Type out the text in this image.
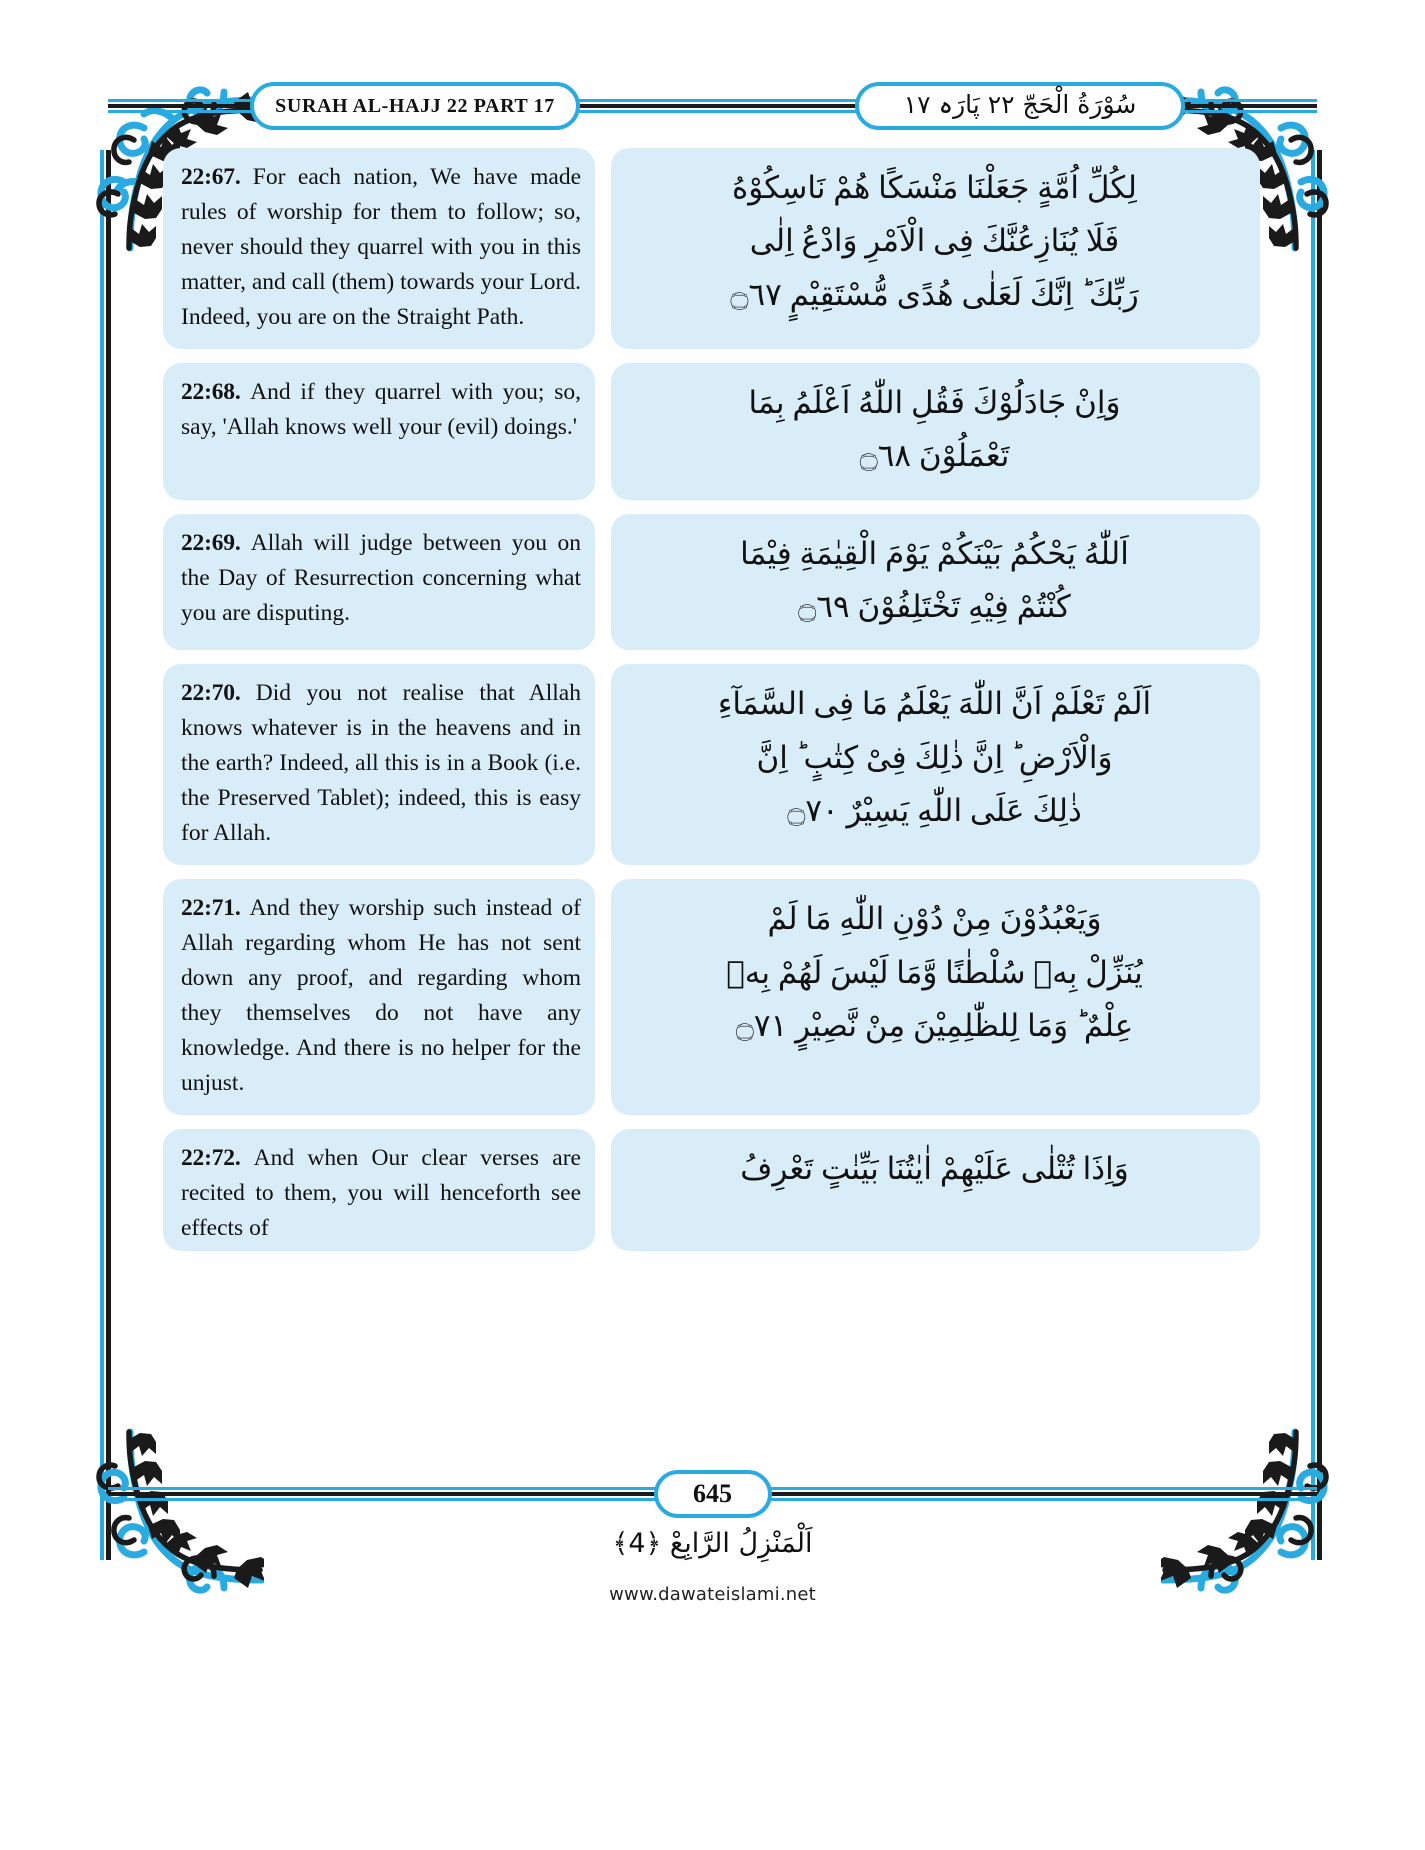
SURAH AL-HAJJ 22 PART 17	سُوْرَةُ الْحَجّ ٢٢ پَارَہ ١٧
22:67. For each nation, We have made rules of worship for them to follow; so, never should they quarrel with you in this matter, and call (them) towards your Lord. Indeed, you are on the Straight Path.
لِكُلِّ اُمَّةٍ جَعَلْنَا مَنْسَكًا هُمْ نَاسِكُوْهُ
فَلَا يُنَازِعُنَّكَ فِى الْاَمْرِ وَادْعُ اِلٰى
رَبِّكَ ؕ اِنَّكَ لَعَلٰى هُدًى مُّسْتَقِيْمٍ ۝٦٧
22:68. And if they quarrel with you; so, say, 'Allah knows well your (evil) doings.'
وَاِنْ جَادَلُوْكَ فَقُلِ اللّٰهُ اَعْلَمُ بِمَا
تَعْمَلُوْنَ ۝٦٨
22:69. Allah will judge between you on the Day of Resurrection concerning what you are disputing.
اَللّٰهُ يَحْكُمُ بَيْنَكُمْ يَوْمَ الْقِيٰمَةِ فِيْمَا
كُنْتُمْ فِيْهِ تَخْتَلِفُوْنَ ۝٦٩
22:70. Did you not realise that Allah knows whatever is in the heavens and in the earth? Indeed, all this is in a Book (i.e. the Preserved Tablet); indeed, this is easy for Allah.
اَلَمْ تَعْلَمْ اَنَّ اللّٰهَ يَعْلَمُ مَا فِى السَّمَآءِ
وَالْاَرْضِ ؕ اِنَّ ذٰلِكَ فِىْ كِتٰبٍ ؕ اِنَّ
ذٰلِكَ عَلَى اللّٰهِ يَسِيْرٌ ۝٧٠
22:71. And they worship such instead of Allah regarding whom He has not sent down any proof, and regarding whom they themselves do not have any knowledge. And there is no helper for the unjust.
وَيَعْبُدُوْنَ مِنْ دُوْنِ اللّٰهِ مَا لَمْ
يُنَزِّلْ بِهٖ سُلْطٰنًا وَّمَا لَيْسَ لَهُمْ بِهٖ
عِلْمٌ ؕ وَمَا لِلظّٰلِمِيْنَ مِنْ نَّصِيْرٍ ۝٧١
22:72. And when Our clear verses are recited to them, you will henceforth see effects of
وَاِذَا تُتْلٰى عَلَيْهِمْ اٰيٰتُنَا بَيِّنٰتٍ تَعْرِفُ
645
اَلْمَنْزِلُ الرَّابِعْ ﴿4﴾
www.dawateislami.net
